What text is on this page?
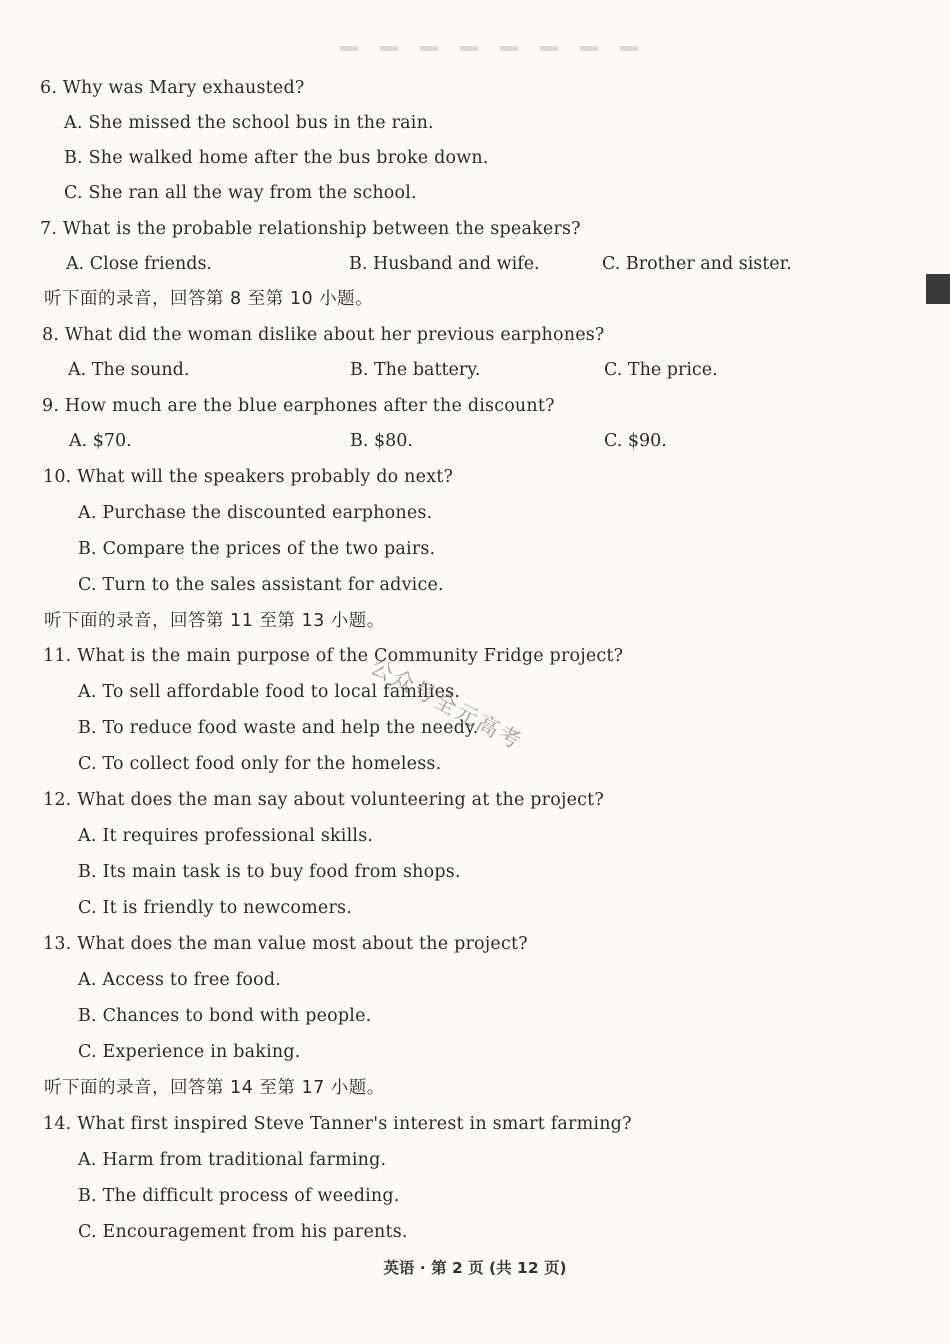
6. Why was Mary exhausted?
A. She missed the school bus in the rain.
B. She walked home after the bus broke down.
C. She ran all the way from the school.
7. What is the probable relationship between the speakers?
A. Close friends.	B. Husband and wife.	C. Brother and sister.
听下面的录音，回答第 8 至第 10 小题。
8. What did the woman dislike about her previous earphones?
A. The sound.	B. The battery.	C. The price.
9. How much are the blue earphones after the discount?
A. $70.	B. $80.	C. $90.
10. What will the speakers probably do next?
A. Purchase the discounted earphones.
B. Compare the prices of the two pairs.
C. Turn to the sales assistant for advice.
听下面的录音，回答第 11 至第 13 小题。
11. What is the main purpose of the Community Fridge project?
A. To sell affordable food to local families.
B. To reduce food waste and help the needy.
C. To collect food only for the homeless.
12. What does the man say about volunteering at the project?
A. It requires professional skills.
B. Its main task is to buy food from shops.
C. It is friendly to newcomers.
13. What does the man value most about the project?
A. Access to free food.
B. Chances to bond with people.
C. Experience in baking.
听下面的录音，回答第 14 至第 17 小题。
14. What first inspired Steve Tanner's interest in smart farming?
A. Harm from traditional farming.
B. The difficult process of weeding.
C. Encouragement from his parents.
公众号全元高考
英语 · 第 2 页 (共 12 页)
